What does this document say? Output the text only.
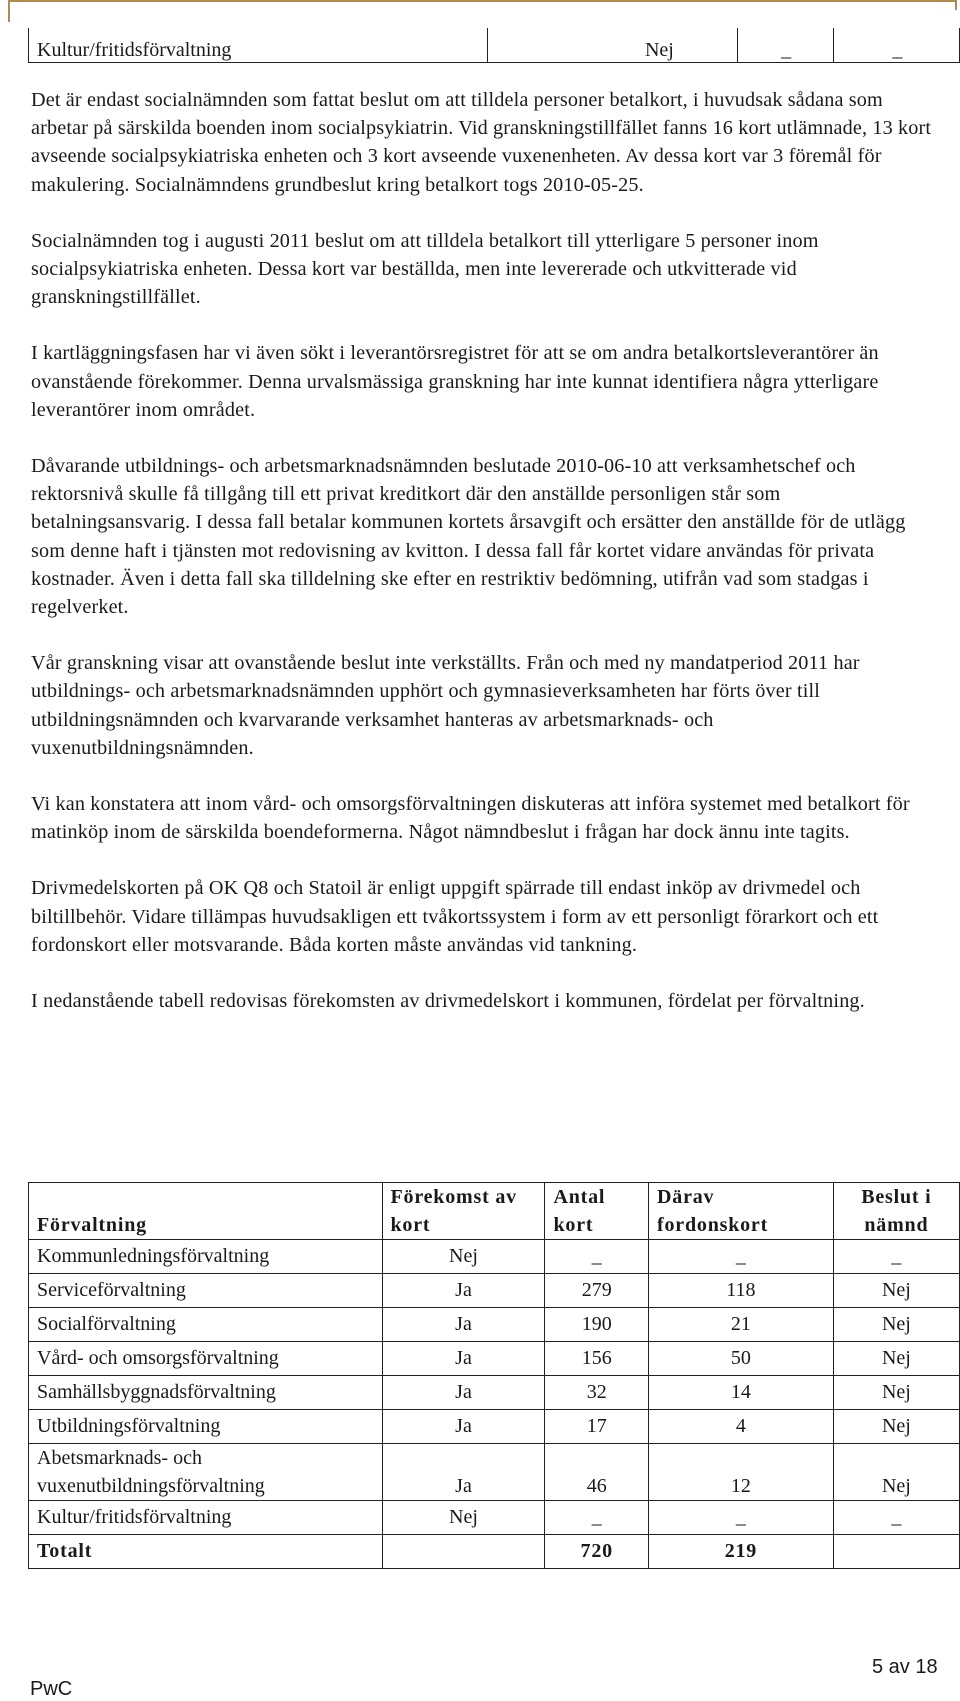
Kultur/fritidsförvaltning	Nej	_	_

Det är endast socialnämnden som fattat beslut om att tilldela personer betalkort, i huvudsak sådana som arbetar på särskilda boenden inom socialpsykiatrin. Vid granskningstillfället fanns 16 kort utlämnade, 13 kort avseende socialpsykiatriska enheten och 3 kort avseende vuxenenheten. Av dessa kort var 3 föremål för makulering. Socialnämndens grundbeslut kring betalkort togs 2010-05-25.

Socialnämnden tog i augusti 2011 beslut om att tilldela betalkort till ytterligare 5 personer inom socialpsykiatriska enheten. Dessa kort var beställda, men inte levererade och utkvitterade vid granskningstillfället.

I kartläggningsfasen har vi även sökt i leverantörsregistret för att se om andra betalkortsleverantörer än ovanstående förekommer. Denna urvalsmässiga granskning har inte kunnat identifiera några ytterligare leverantörer inom området.

Dåvarande utbildnings- och arbetsmarknadsnämnden beslutade 2010-06-10 att verksamhetschef och rektorsnivå skulle få tillgång till ett privat kreditkort där den anställde personligen står som betalningsansvarig. I dessa fall betalar kommunen kortets årsavgift och ersätter den anställde för de utlägg som denne haft i tjänsten mot redovisning av kvitton. I dessa fall får kortet vidare användas för privata kostnader. Även i detta fall ska tilldelning ske efter en restriktiv bedömning, utifrån vad som stadgas i regelverket.

Vår granskning visar att ovanstående beslut inte verkställts. Från och med ny mandatperiod 2011 har utbildnings- och arbetsmarknadsnämnden upphört och gymnasieverksamheten har förts över till utbildningsnämnden och kvarvarande verksamhet hanteras av arbetsmarknads- och vuxenutbildningsnämnden.

Vi kan konstatera att inom vård- och omsorgsförvaltningen diskuteras att införa systemet med betalkort för matinköp inom de särskilda boendeformerna. Något nämndbeslut i frågan har dock ännu inte tagits.

Drivmedelskorten på OK Q8 och Statoil är enligt uppgift spärrade till endast inköp av drivmedel och biltillbehör. Vidare tillämpas huvudsakligen ett tvåkortssystem i form av ett personligt förarkort och ett fordonskort eller motsvarande. Båda korten måste användas vid tankning.

I nedanstående tabell redovisas förekomsten av drivmedelskort i kommunen, fördelat per förvaltning.

Förvaltning	Förekomst av kort	Antal kort	Därav fordonskort	Beslut i nämnd
Kommunledningsförvaltning	Nej	_	_	_
Serviceförvaltning	Ja	279	118	Nej
Socialförvaltning	Ja	190	21	Nej
Vård- och omsorgsförvaltning	Ja	156	50	Nej
Samhällsbyggnadsförvaltning	Ja	32	14	Nej
Utbildningsförvaltning	Ja	17	4	Nej
Abetsmarknads- och vuxenutbildningsförvaltning	Ja	46	12	Nej
Kultur/fritidsförvaltning	Nej	_	_	_
Totalt		720	219	
5 av 18
PwC
